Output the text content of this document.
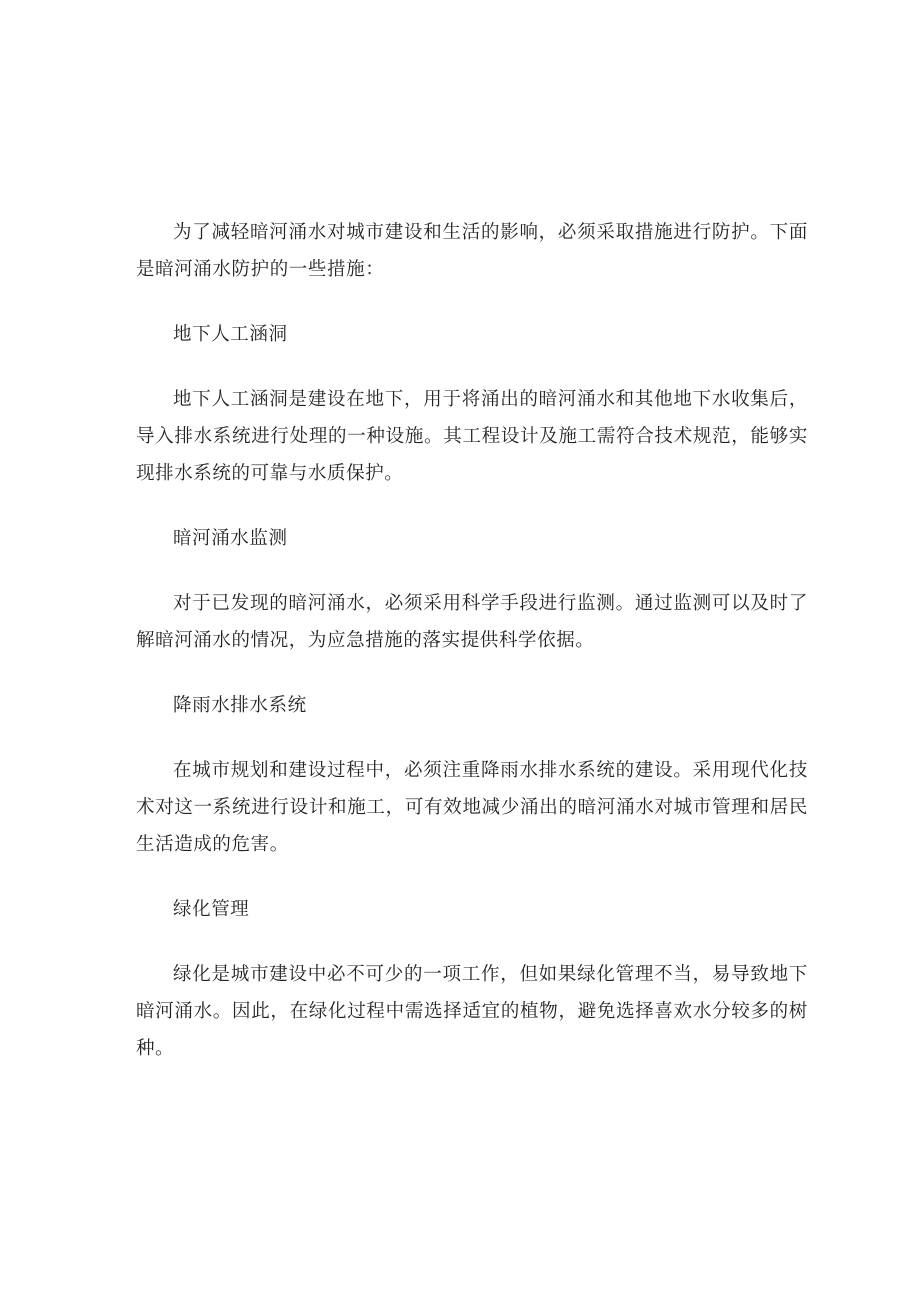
为了减轻暗河涌水对城市建设和生活的影响，必须采取措施进行防护。下面是暗河涌水防护的一些措施：

地下人工涵洞

地下人工涵洞是建设在地下，用于将涌出的暗河涌水和其他地下水收集后，导入排水系统进行处理的一种设施。其工程设计及施工需符合技术规范，能够实现排水系统的可靠与水质保护。

暗河涌水监测

对于已发现的暗河涌水，必须采用科学手段进行监测。通过监测可以及时了解暗河涌水的情况，为应急措施的落实提供科学依据。

降雨水排水系统

在城市规划和建设过程中，必须注重降雨水排水系统的建设。采用现代化技术对这一系统进行设计和施工，可有效地减少涌出的暗河涌水对城市管理和居民生活造成的危害。

绿化管理

绿化是城市建设中必不可少的一项工作，但如果绿化管理不当，易导致地下暗河涌水。因此，在绿化过程中需选择适宜的植物，避免选择喜欢水分较多的树种。
